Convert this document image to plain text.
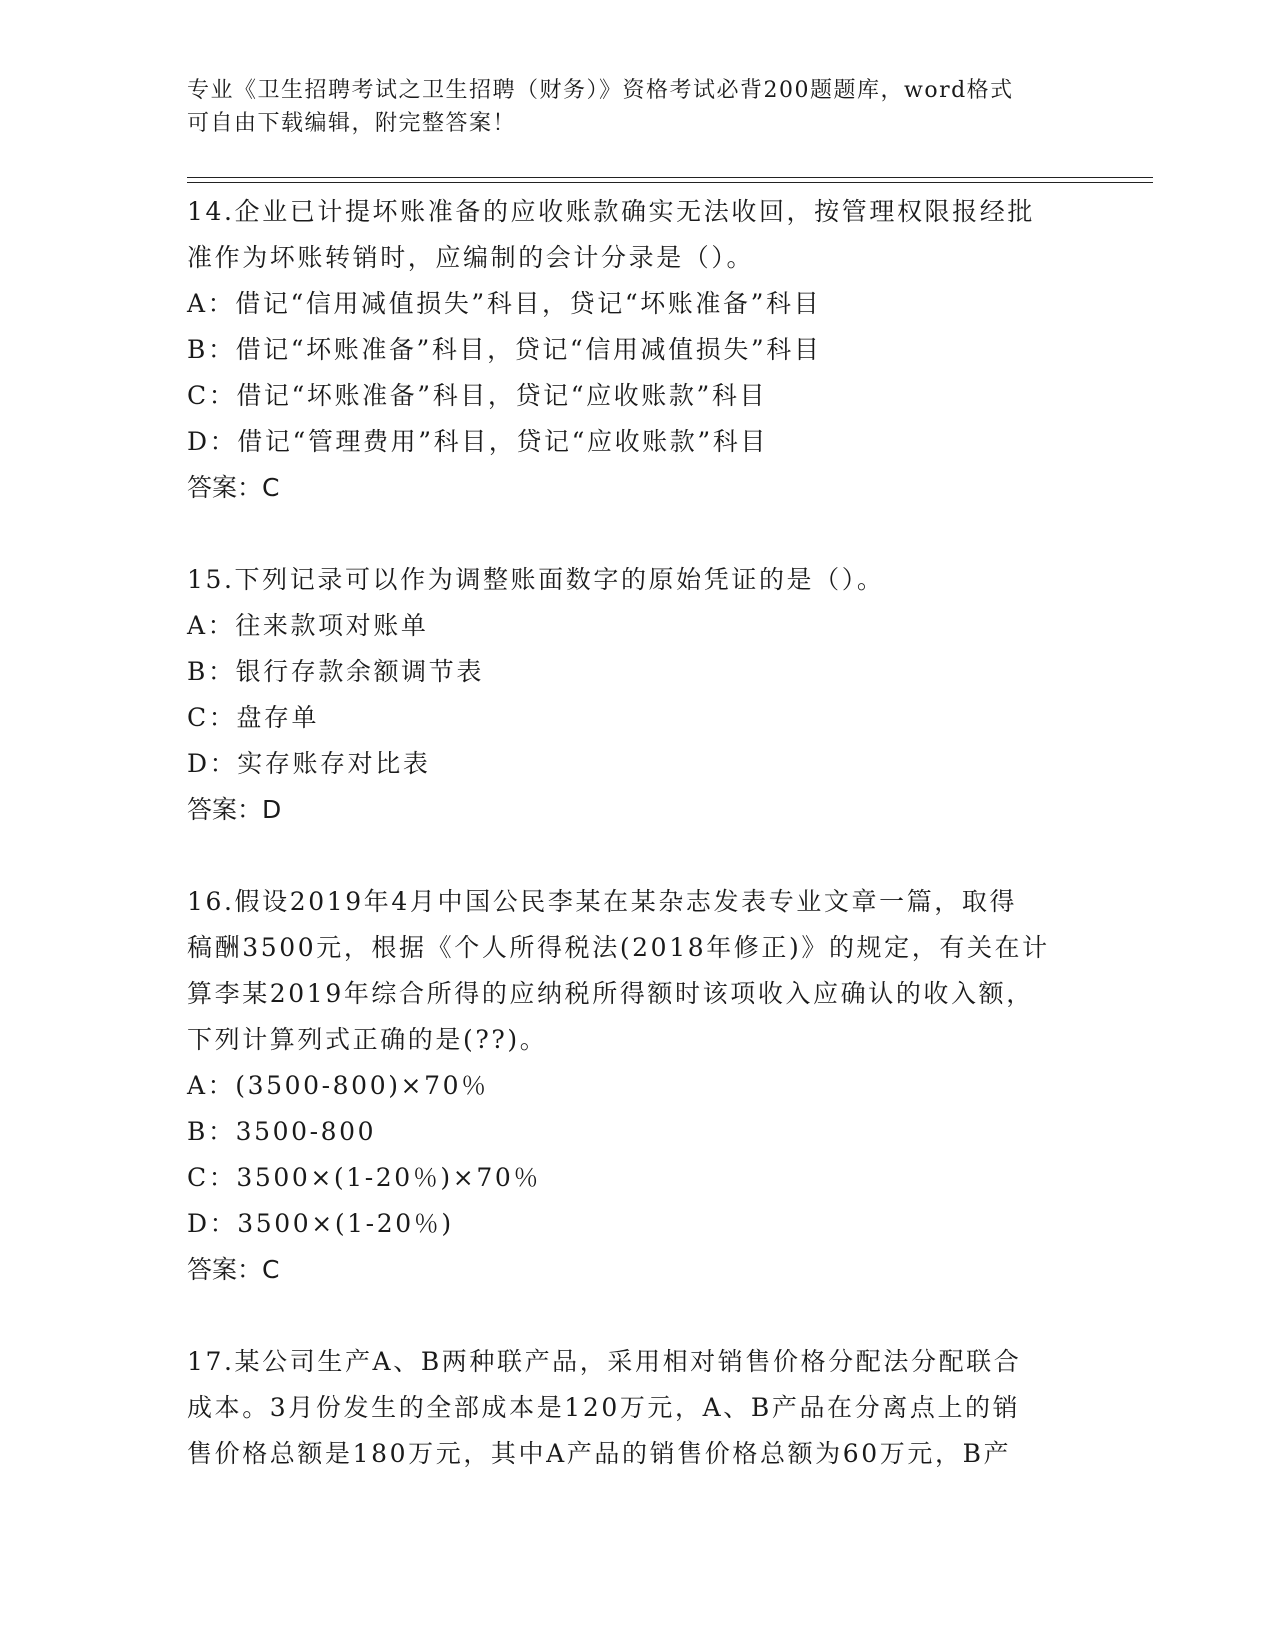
专业《卫生招聘考试之卫生招聘（财务）》资格考试必背200题题库，word格式
可自由下载编辑，附完整答案！

14.企业已计提坏账准备的应收账款确实无法收回，按管理权限报经批

准作为坏账转销时，应编制的会计分录是（）。

A：借记“信用减值损失”科目，贷记“坏账准备”科目

B：借记“坏账准备”科目，贷记“信用减值损失”科目

C：借记“坏账准备”科目，贷记“应收账款”科目

D：借记“管理费用”科目，贷记“应收账款”科目

答案：C

15.下列记录可以作为调整账面数字的原始凭证的是（）。

A：往来款项对账单

B：银行存款余额调节表

C：盘存单

D：实存账存对比表

答案：D

16.假设2019年4月中国公民李某在某杂志发表专业文章一篇，取得

稿酬3500元，根据《个人所得税法(2018年修正)》的规定，有关在计

算李某2019年综合所得的应纳税所得额时该项收入应确认的收入额，

下列计算列式正确的是(??)。

A：(3500-800)×70％

B：3500-800

C：3500×(1-20％)×70％

D：3500×(1-20％)

答案：C

17.某公司生产A、B两种联产品，采用相对销售价格分配法分配联合

成本。3月份发生的全部成本是120万元，A、B产品在分离点上的销

售价格总额是180万元，其中A产品的销售价格总额为60万元，B产
